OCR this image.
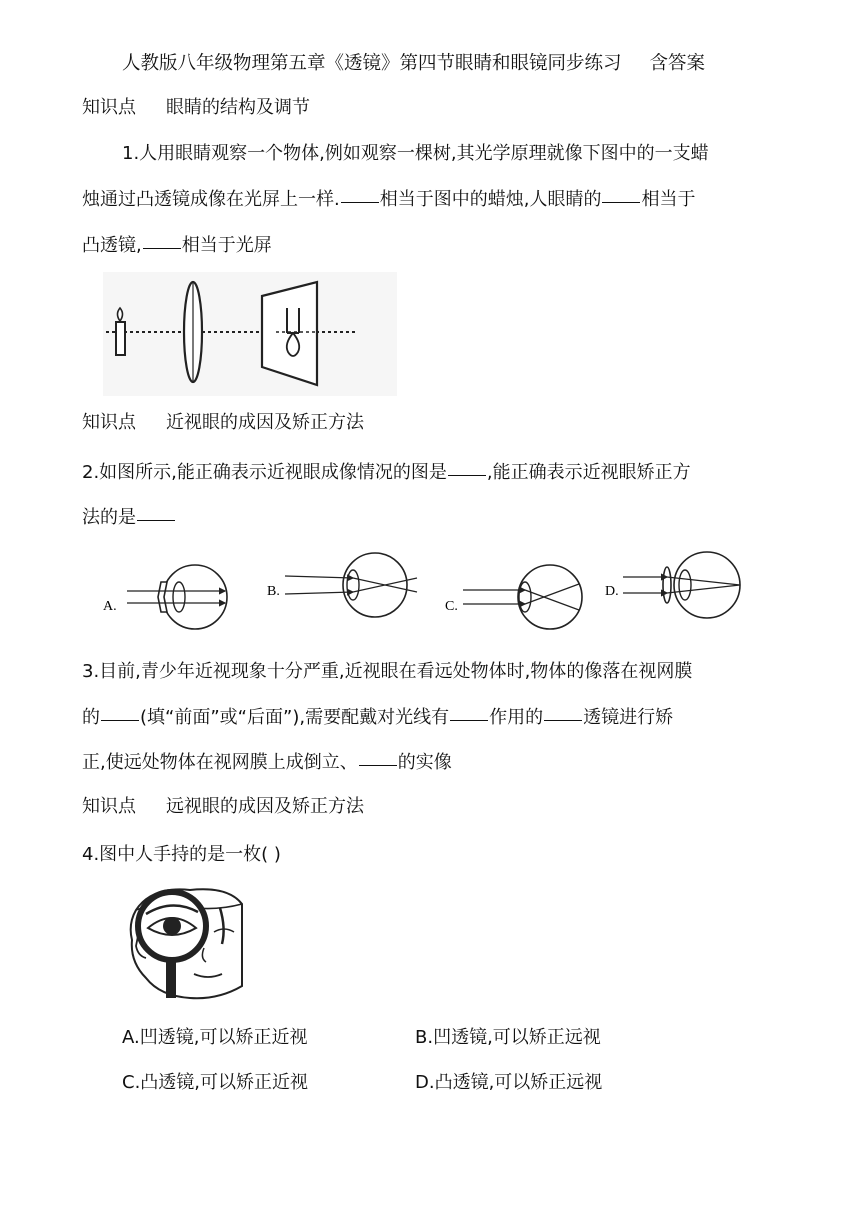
人教版八年级物理第五章《透镜》第四节眼睛和眼镜同步练习 含答案
知识点 眼睛的结构及调节
1.人用眼睛观察一个物体,例如观察一棵树,其光学原理就像下图中的一支蜡
烛通过凸透镜成像在光屏上一样. 相当于图中的蜡烛,人眼睛的 相当于
凸透镜, 相当于光屏
知识点 近视眼的成因及矫正方法
2.如图所示,能正确表示近视眼成像情况的图是 ,能正确表示近视眼矫正方
法的是
A.
B.
C.
D.
3.目前,青少年近视现象十分严重,近视眼在看远处物体时,物体的像落在视网膜
的 (填“前面”或“后面”),需要配戴对光线有 作用的 透镜进行矫
正,使远处物体在视网膜上成倒立、 的实像
知识点 远视眼的成因及矫正方法
4.图中人手持的是一枚( )
A.凹透镜,可以矫正近视	B.凹透镜,可以矫正远视
C.凸透镜,可以矫正近视	D.凸透镜,可以矫正远视
